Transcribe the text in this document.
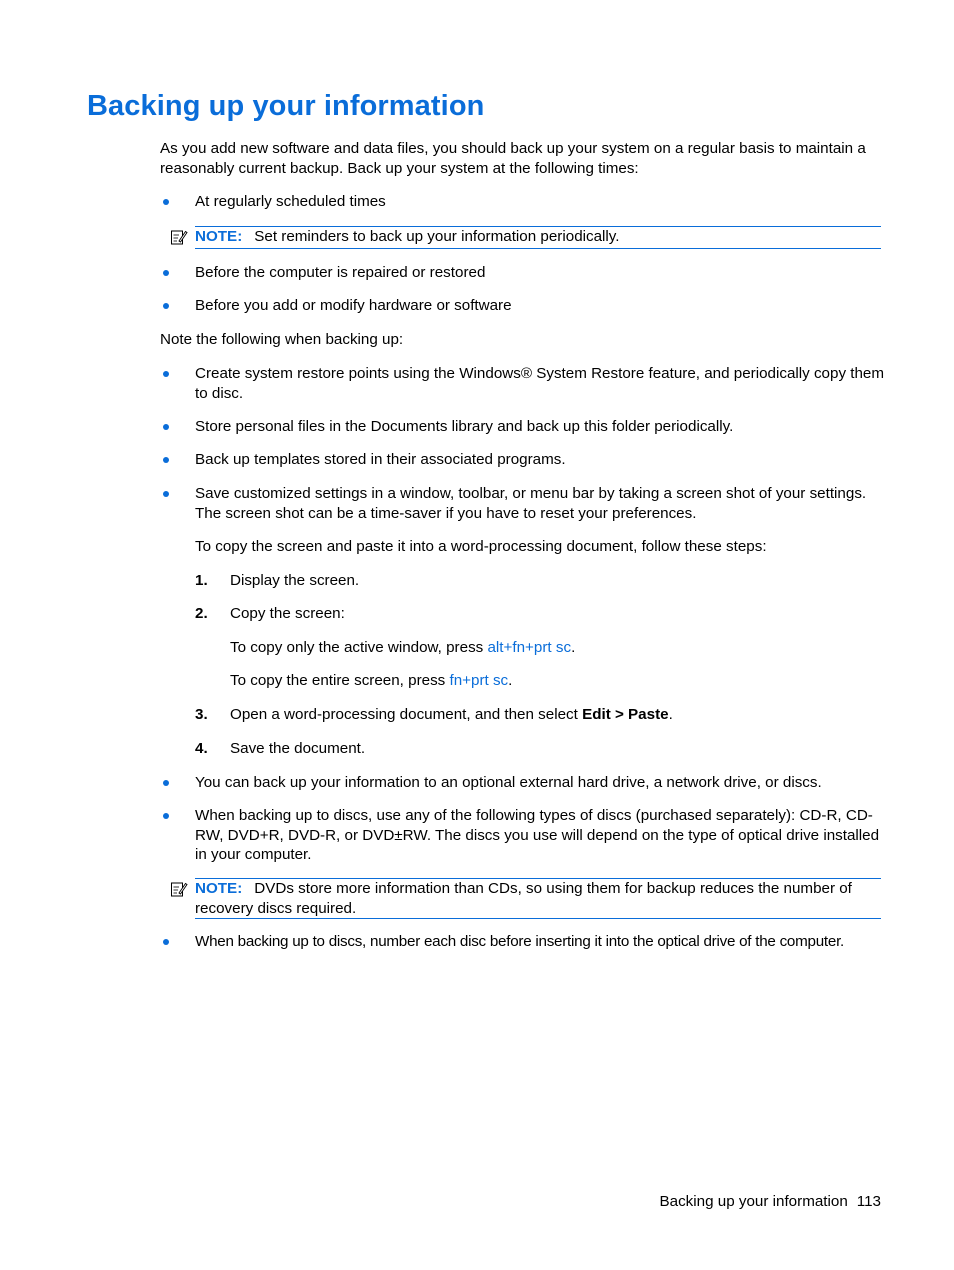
Backing up your information

As you add new software and data files, you should back up your system on a regular basis to maintain a reasonably current backup. Back up your system at the following times:

At regularly scheduled times

NOTE: Set reminders to back up your information periodically.

Before the computer is repaired or restored

Before you add or modify hardware or software

Note the following when backing up:

Create system restore points using the Windows® System Restore feature, and periodically copy them to disc.

Store personal files in the Documents library and back up this folder periodically.

Back up templates stored in their associated programs.

Save customized settings in a window, toolbar, or menu bar by taking a screen shot of your settings. The screen shot can be a time-saver if you have to reset your preferences.

To copy the screen and paste it into a word-processing document, follow these steps:

1. Display the screen.

2. Copy the screen:

To copy only the active window, press alt+fn+prt sc.

To copy the entire screen, press fn+prt sc.

3. Open a word-processing document, and then select Edit > Paste.

4. Save the document.

You can back up your information to an optional external hard drive, a network drive, or discs.

When backing up to discs, use any of the following types of discs (purchased separately): CD-R, CD-RW, DVD+R, DVD-R, or DVD±RW. The discs you use will depend on the type of optical drive installed in your computer.

NOTE: DVDs store more information than CDs, so using them for backup reduces the number of recovery discs required.

When backing up to discs, number each disc before inserting it into the optical drive of the computer.

Backing up your information 113
